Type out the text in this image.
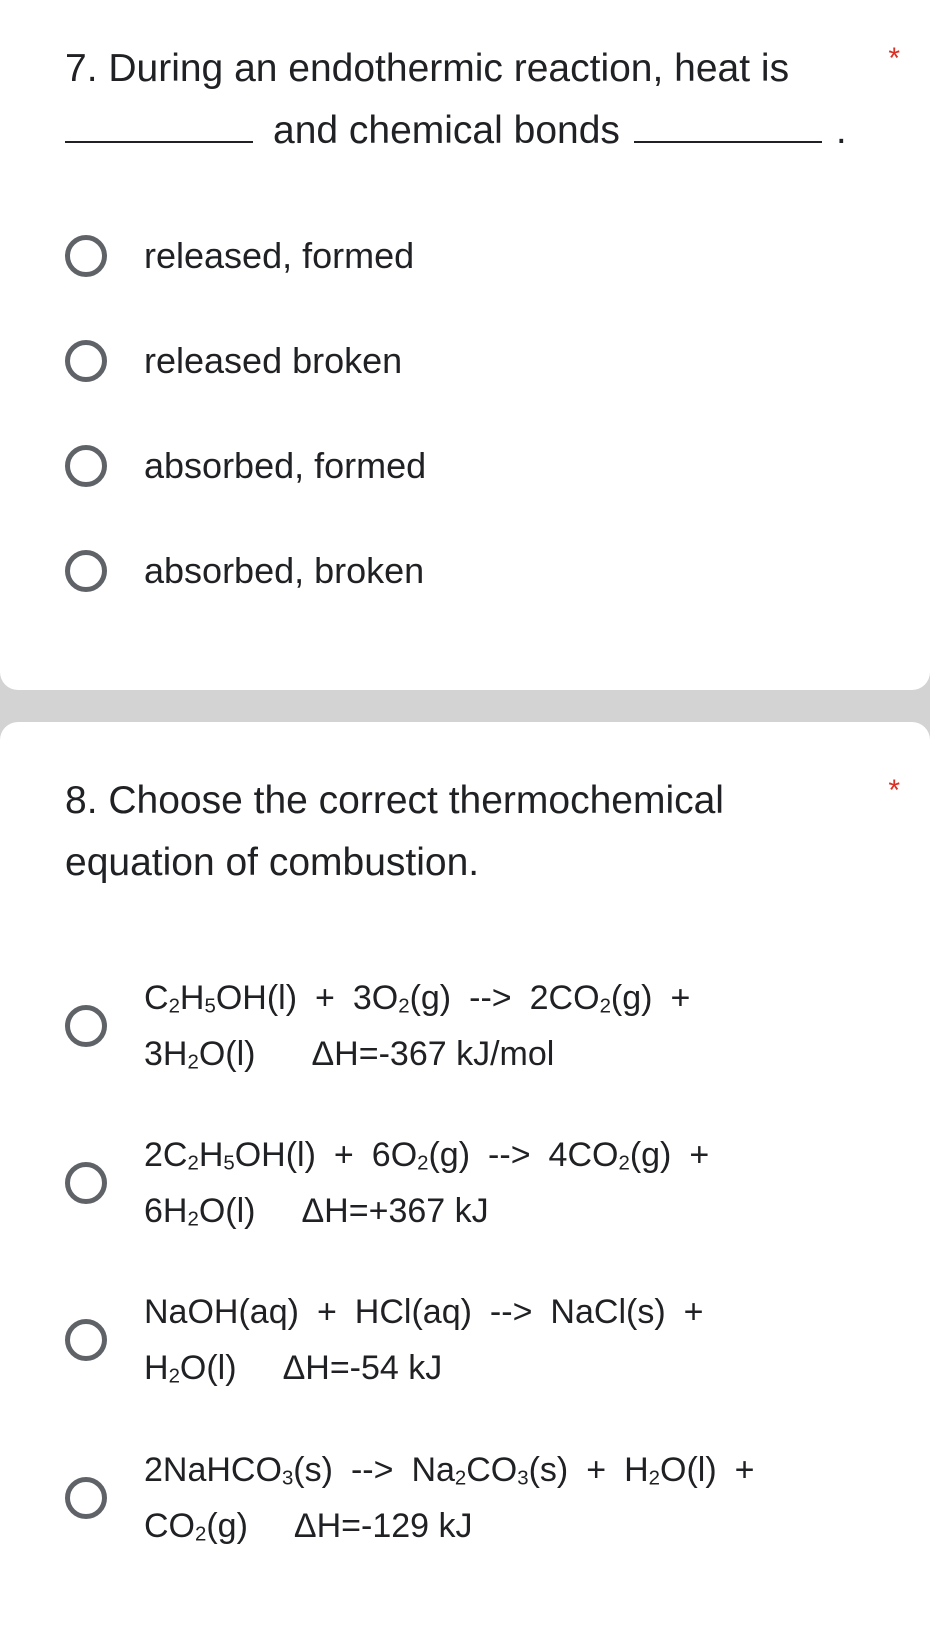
7. During an endothermic reaction, heat is
and chemical bonds	.
*
released, formed
released broken
absorbed, formed
absorbed, broken
8. Choose the correct thermochemical equation of combustion.
*
$C_2H_5OH(l) + 3O_2(g)$ --> $2CO_2(g)$ +
$3H_2O(l)$ ΔH=-367 kJ/mol
$2C_2H_5OH(l) + 6O_2(g)$ --> $4CO_2(g)$ +
$6H_2O(l)$ ΔH=+367 kJ
NaOH(aq) + HCl(aq) --> NaCl(s) +
$H_2O(l)$ ΔH=-54 kJ
2NaHCO$_3$(s) --> $Na_2CO_3(s) + H_2O(l)$ +
$CO_2(g)$ ΔH=-129 kJ
